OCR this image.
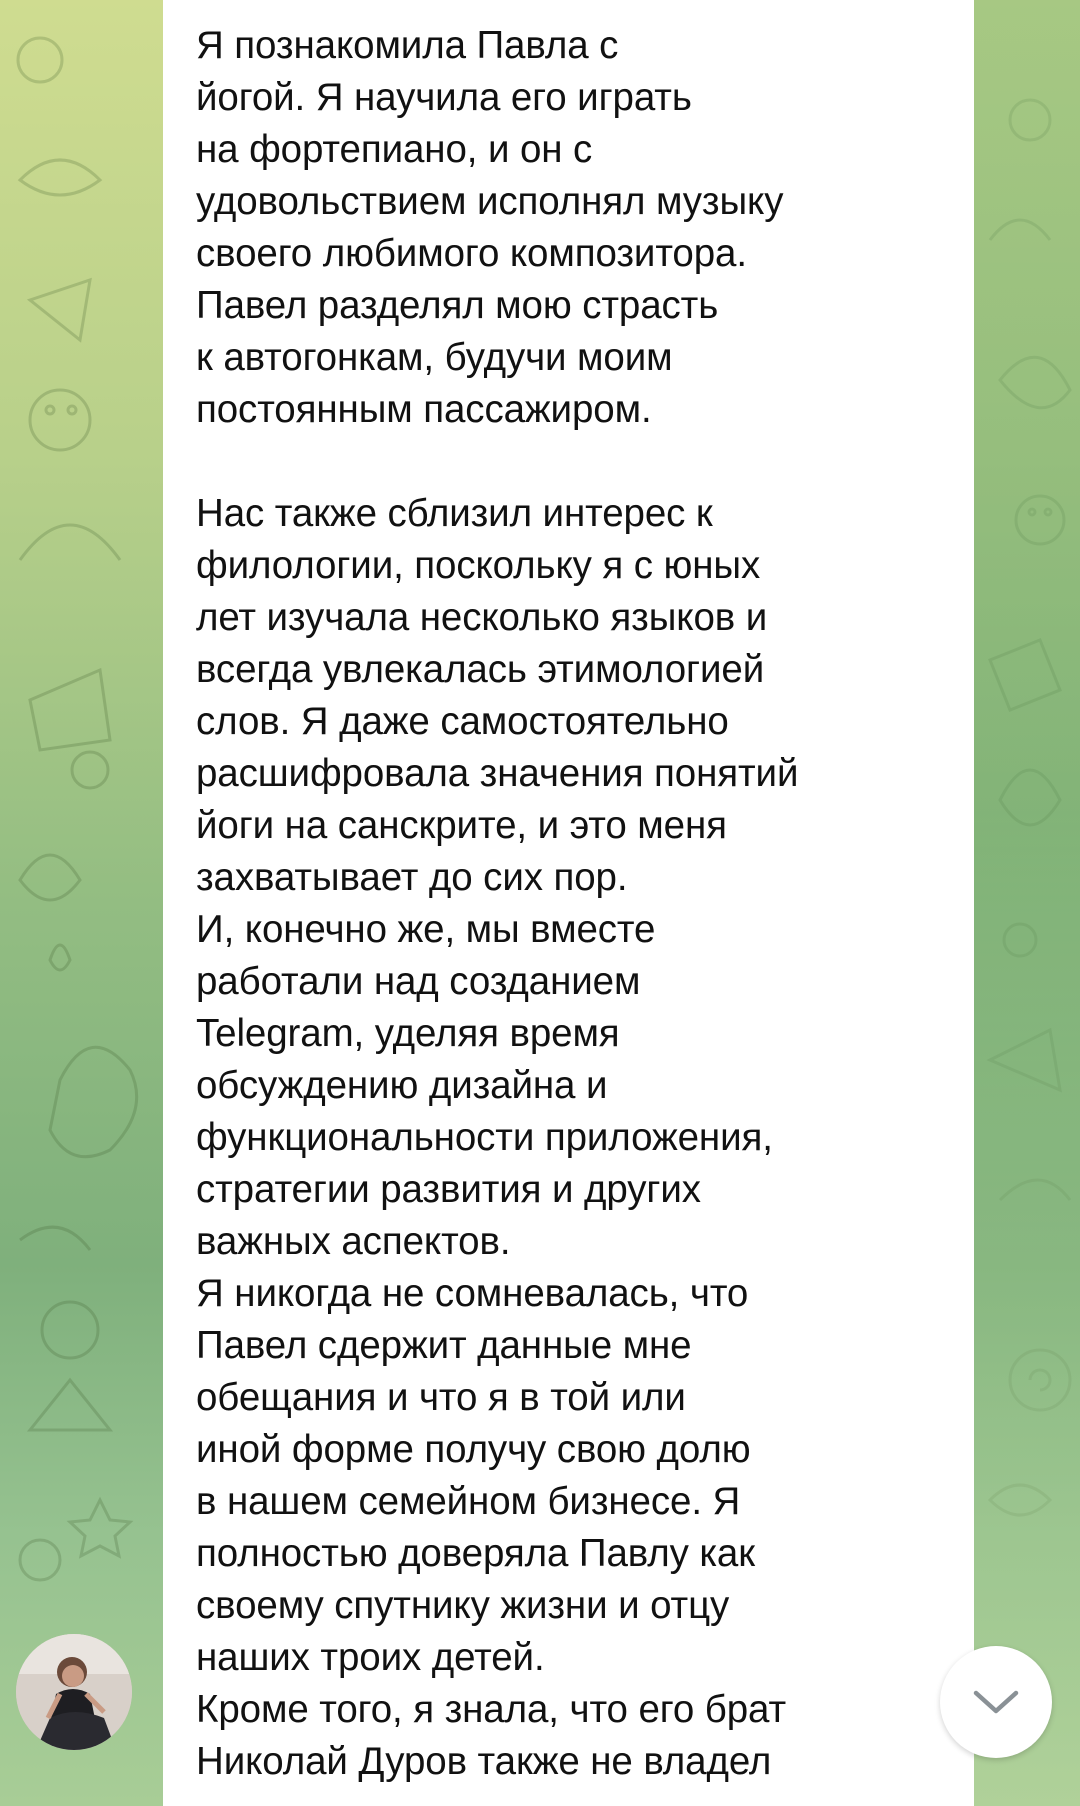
Я познакомила Павла с
йогой. Я научила его играть
на фортепиано, и он с
удовольствием исполнял музыку
своего любимого композитора.
Павел разделял мою страсть
к автогонкам, будучи моим
постоянным пассажиром.
Нас также сблизил интерес к
филологии, поскольку я с юных
лет изучала несколько языков и
всегда увлекалась этимологией
слов. Я даже самостоятельно
расшифровала значения понятий
йоги на санскрите, и это меня
захватывает до сих пор.
И, конечно же, мы вместе
работали над созданием
Telegram, уделяя время
обсуждению дизайна и
функциональности приложения,
стратегии развития и других
важных аспектов.
Я никогда не сомневалась, что
Павел сдержит данные мне
обещания и что я в той или
иной форме получу свою долю
в нашем семейном бизнесе. Я
полностью доверяла Павлу как
своему спутнику жизни и отцу
наших троих детей.
Кроме того, я знала, что его брат
Николай Дуров также не владел
